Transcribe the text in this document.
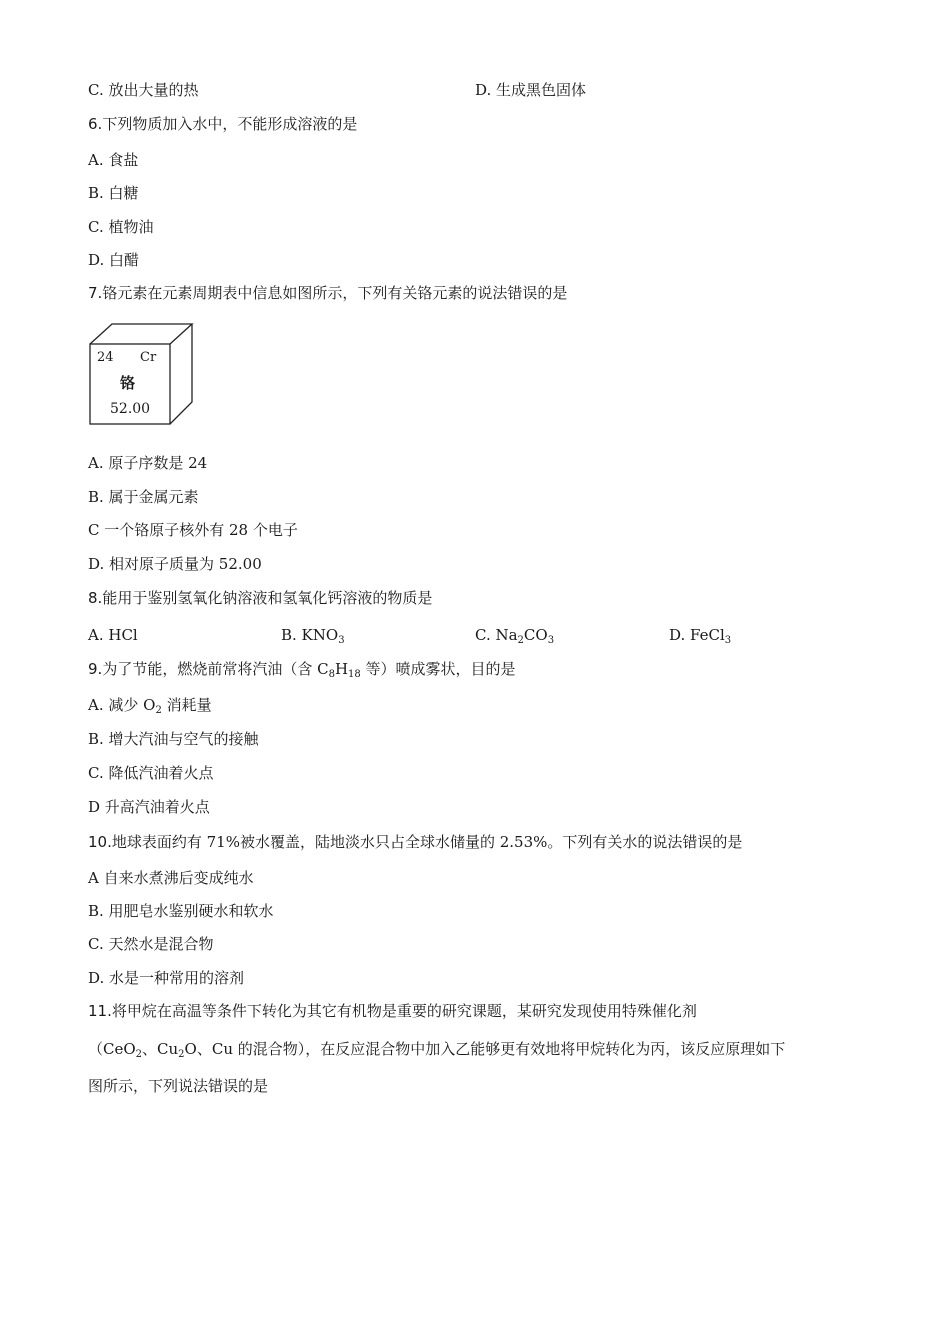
C. 放出大量的热	D. 生成黑色固体
6.下列物质加入水中，不能形成溶液的是
A. 食盐
B. 白糖
C. 植物油
D. 白醋
7.铬元素在元素周期表中信息如图所示，下列有关铬元素的说法错误的是
24 Cr
铬
52.00
A. 原子序数是 24
B. 属于金属元素
C 一个铬原子核外有 28 个电子
D. 相对原子质量为 52.00
8.能用于鉴别氢氧化钠溶液和氢氧化钙溶液的物质是
A. HCl	B. $KNO_3$	C. $Na_2CO_3$	D. FeCl$_3$
9.为了节能，燃烧前常将汽油（含 $C_8H_{18}$ 等）喷成雾状，目的是
A. 减少 $O_2$ 消耗量
B. 增大汽油与空气的接触
C. 降低汽油着火点
D 升高汽油着火点
10.地球表面约有 71%被水覆盖，陆地淡水只占全球水储量的 2.53%。下列有关水的说法错误的是
A 自来水煮沸后变成纯水
B. 用肥皂水鉴别硬水和软水
C. 天然水是混合物
D. 水是一种常用的溶剂
11.将甲烷在高温等条件下转化为其它有机物是重要的研究课题，某研究发现使用特殊催化剂
（CeO$_2$、$Cu_2O$、Cu 的混合物），在反应混合物中加入乙能够更有效地将甲烷转化为丙，该反应原理如下
图所示，下列说法错误的是
